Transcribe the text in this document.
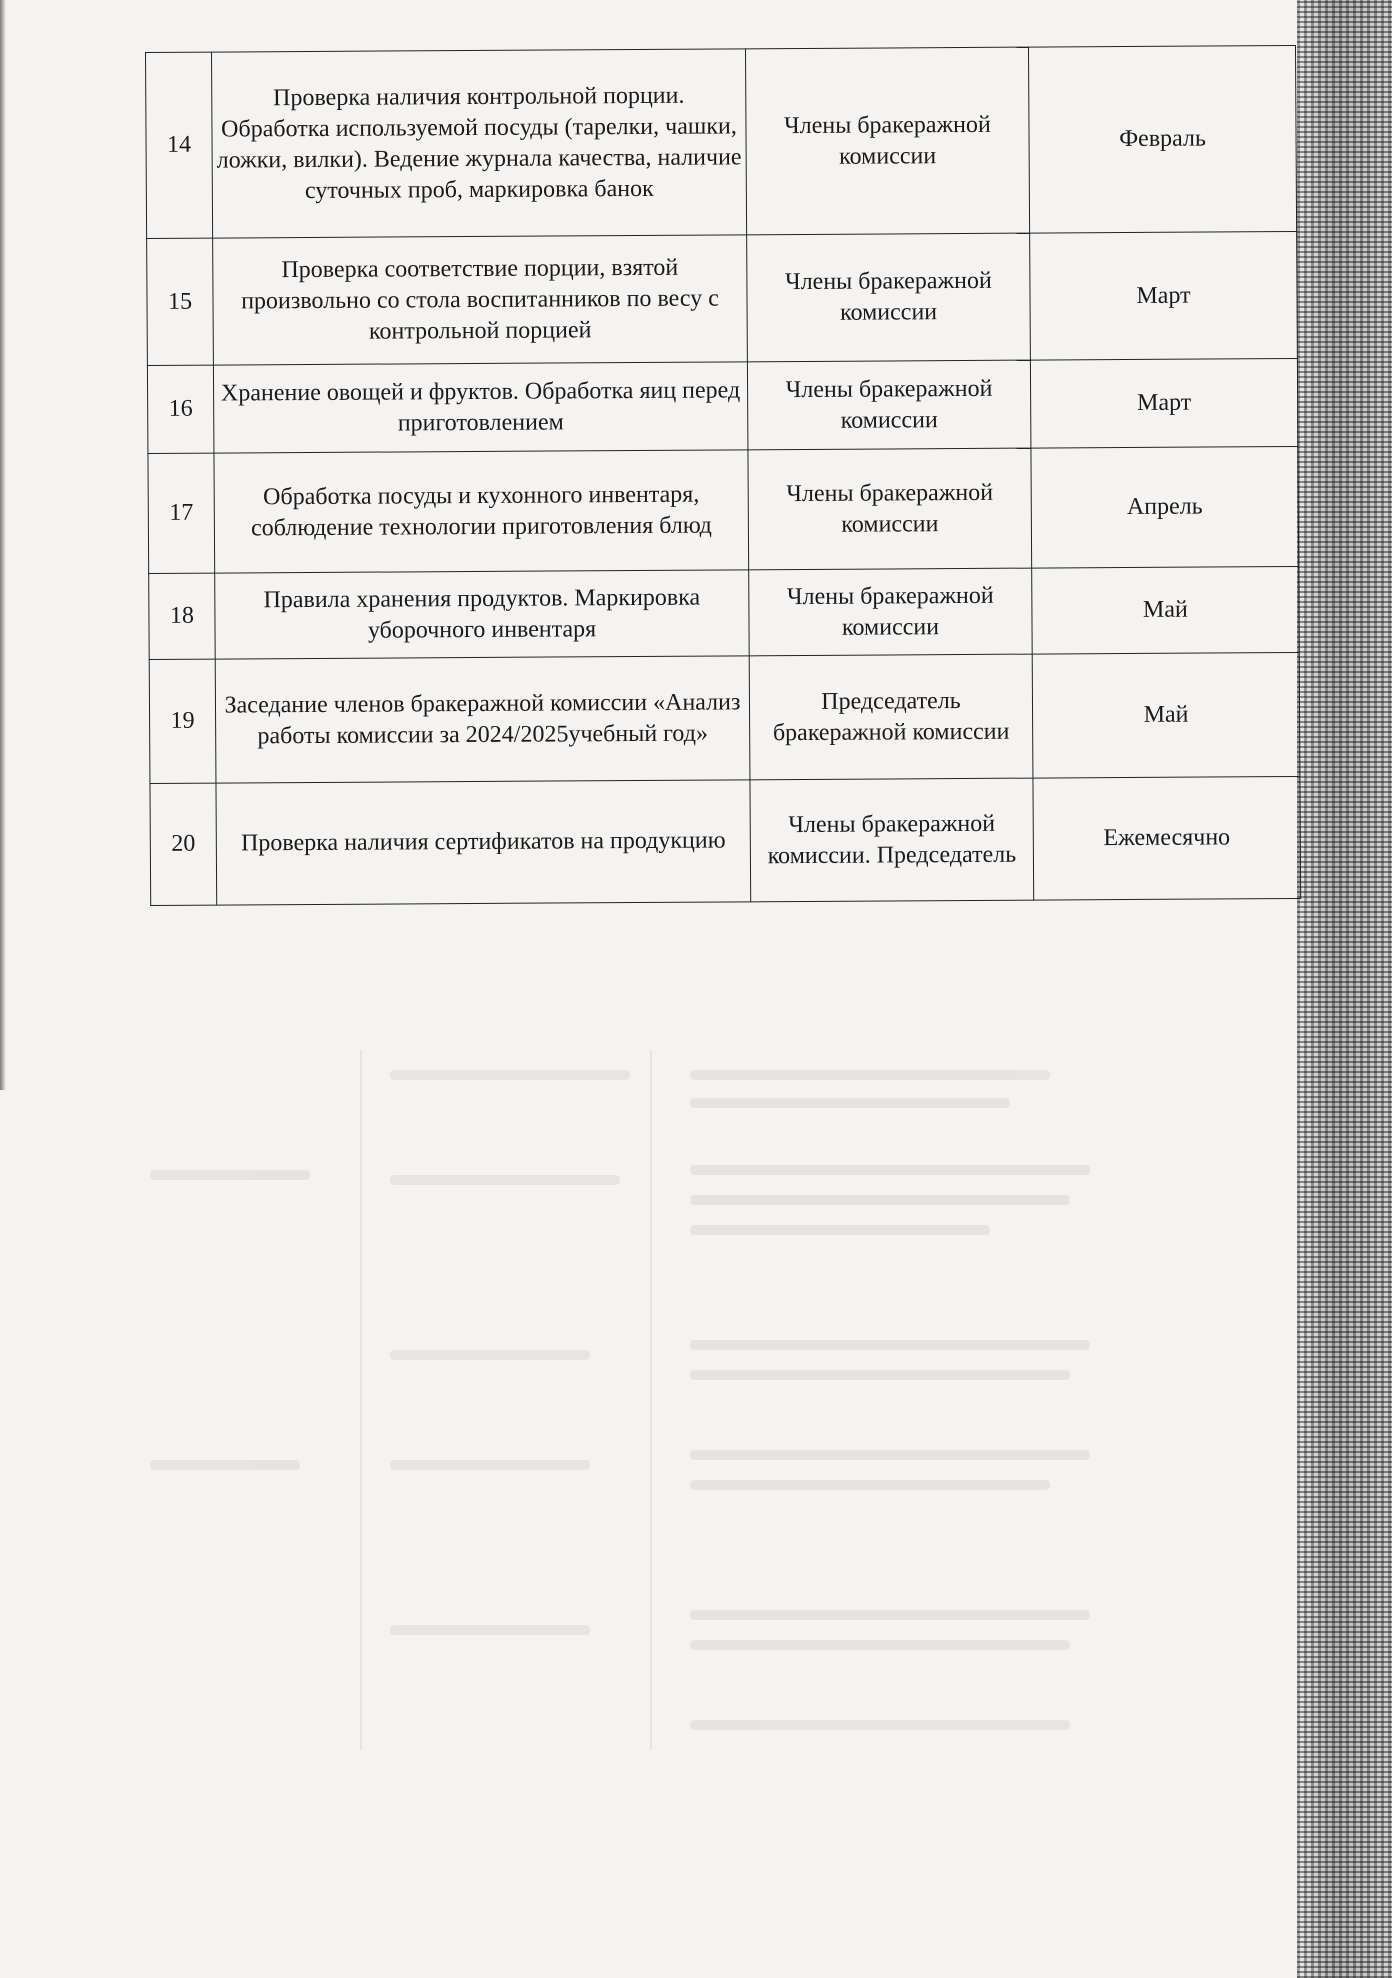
14	Проверка наличия контрольной порции. Обработка используемой посуды (тарелки, чашки, ложки, вилки). Ведение журнала качества, наличие суточных проб, маркировка банок	Члены бракеражной комиссии	Февраль
15	Проверка соответствие порции, взятой произвольно со стола воспитанников по весу с контрольной порцией	Члены бракеражной комиссии	Март
16	Хранение овощей и фруктов. Обработка яиц перед приготовлением	Члены бракеражной комиссии	Март
17	Обработка посуды и кухонного инвентаря, соблюдение технологии приготовления блюд	Члены бракеражной комиссии	Апрель
18	Правила хранения продуктов. Маркировка уборочного инвентаря	Члены бракеражной комиссии	Май
19	Заседание членов бракеражной комиссии «Анализ работы комиссии за 2024/2025учебный год»	Председатель бракеражной комиссии	Май
20	Проверка наличия сертификатов на продукцию	Члены бракеражной комиссии. Председатель	Ежемесячно
